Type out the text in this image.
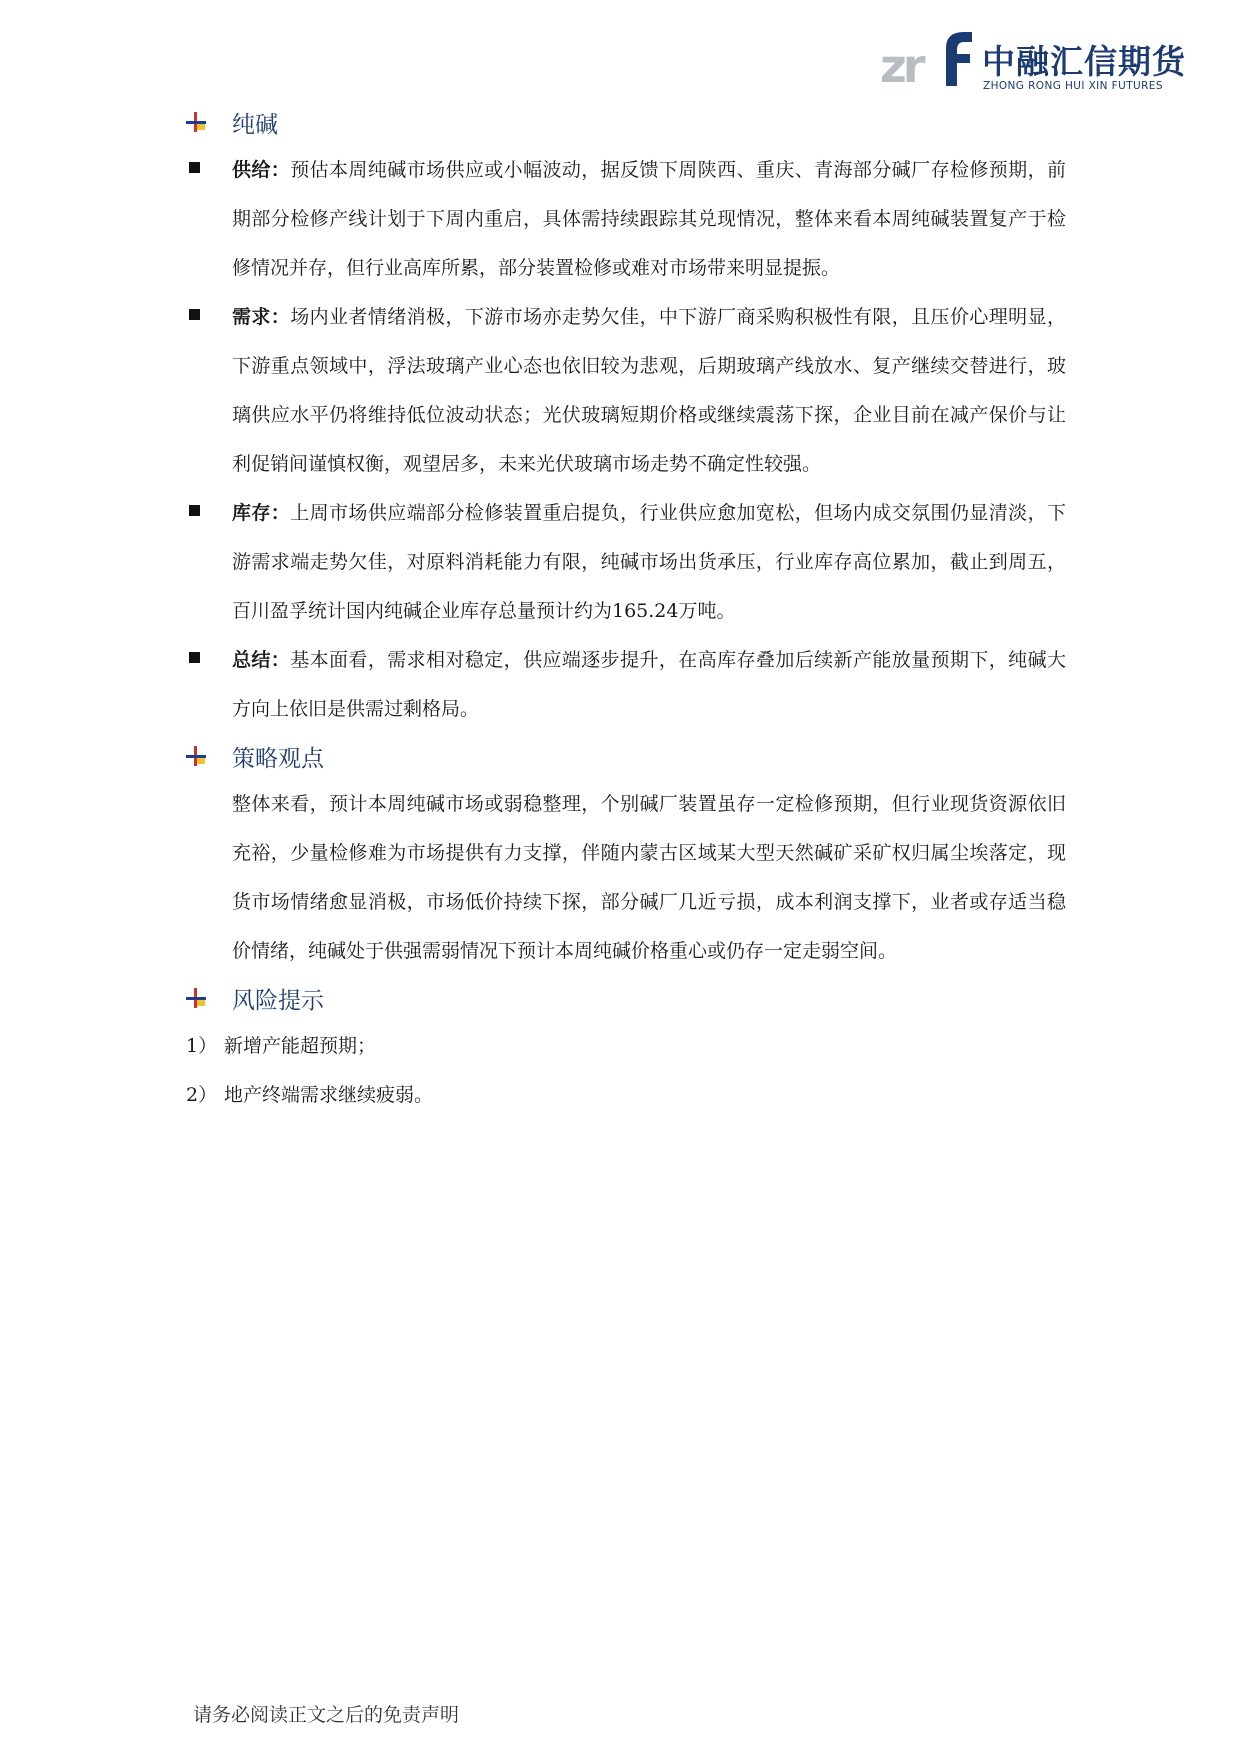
zr 中融汇信期货
ZHONG RONG HUI XIN FUTURES
纯碱

供给：预估本周纯碱市场供应或小幅波动，据反馈下周陕西、重庆、青海部分碱厂存检修预期，前期部分检修产线计划于下周内重启，具体需持续跟踪其兑现情况，整体来看本周纯碱装置复产于检修情况并存，但行业高库所累，部分装置检修或难对市场带来明显提振。

需求：场内业者情绪消极，下游市场亦走势欠佳，中下游厂商采购积极性有限，且压价心理明显，下游重点领域中，浮法玻璃产业心态也依旧较为悲观，后期玻璃产线放水、复产继续交替进行，玻璃供应水平仍将维持低位波动状态；光伏玻璃短期价格或继续震荡下探，企业目前在减产保价与让利促销间谨慎权衡，观望居多，未来光伏玻璃市场走势不确定性较强。

库存：上周市场供应端部分检修装置重启提负，行业供应愈加宽松，但场内成交氛围仍显清淡，下游需求端走势欠佳，对原料消耗能力有限，纯碱市场出货承压，行业库存高位累加，截止到周五，百川盈孚统计国内纯碱企业库存总量预计约为165.24万吨。

总结：基本面看，需求相对稳定，供应端逐步提升，在高库存叠加后续新产能放量预期下，纯碱大方向上依旧是供需过剩格局。

策略观点

整体来看，预计本周纯碱市场或弱稳整理，个别碱厂装置虽存一定检修预期，但行业现货资源依旧充裕，少量检修难为市场提供有力支撑，伴随内蒙古区域某大型天然碱矿采矿权归属尘埃落定，现货市场情绪愈显消极，市场低价持续下探，部分碱厂几近亏损，成本利润支撑下，业者或存适当稳价情绪，纯碱处于供强需弱情况下预计本周纯碱价格重心或仍存一定走弱空间。

风险提示

1） 新增产能超预期；

2） 地产终端需求继续疲弱。

请务必阅读正文之后的免责声明
